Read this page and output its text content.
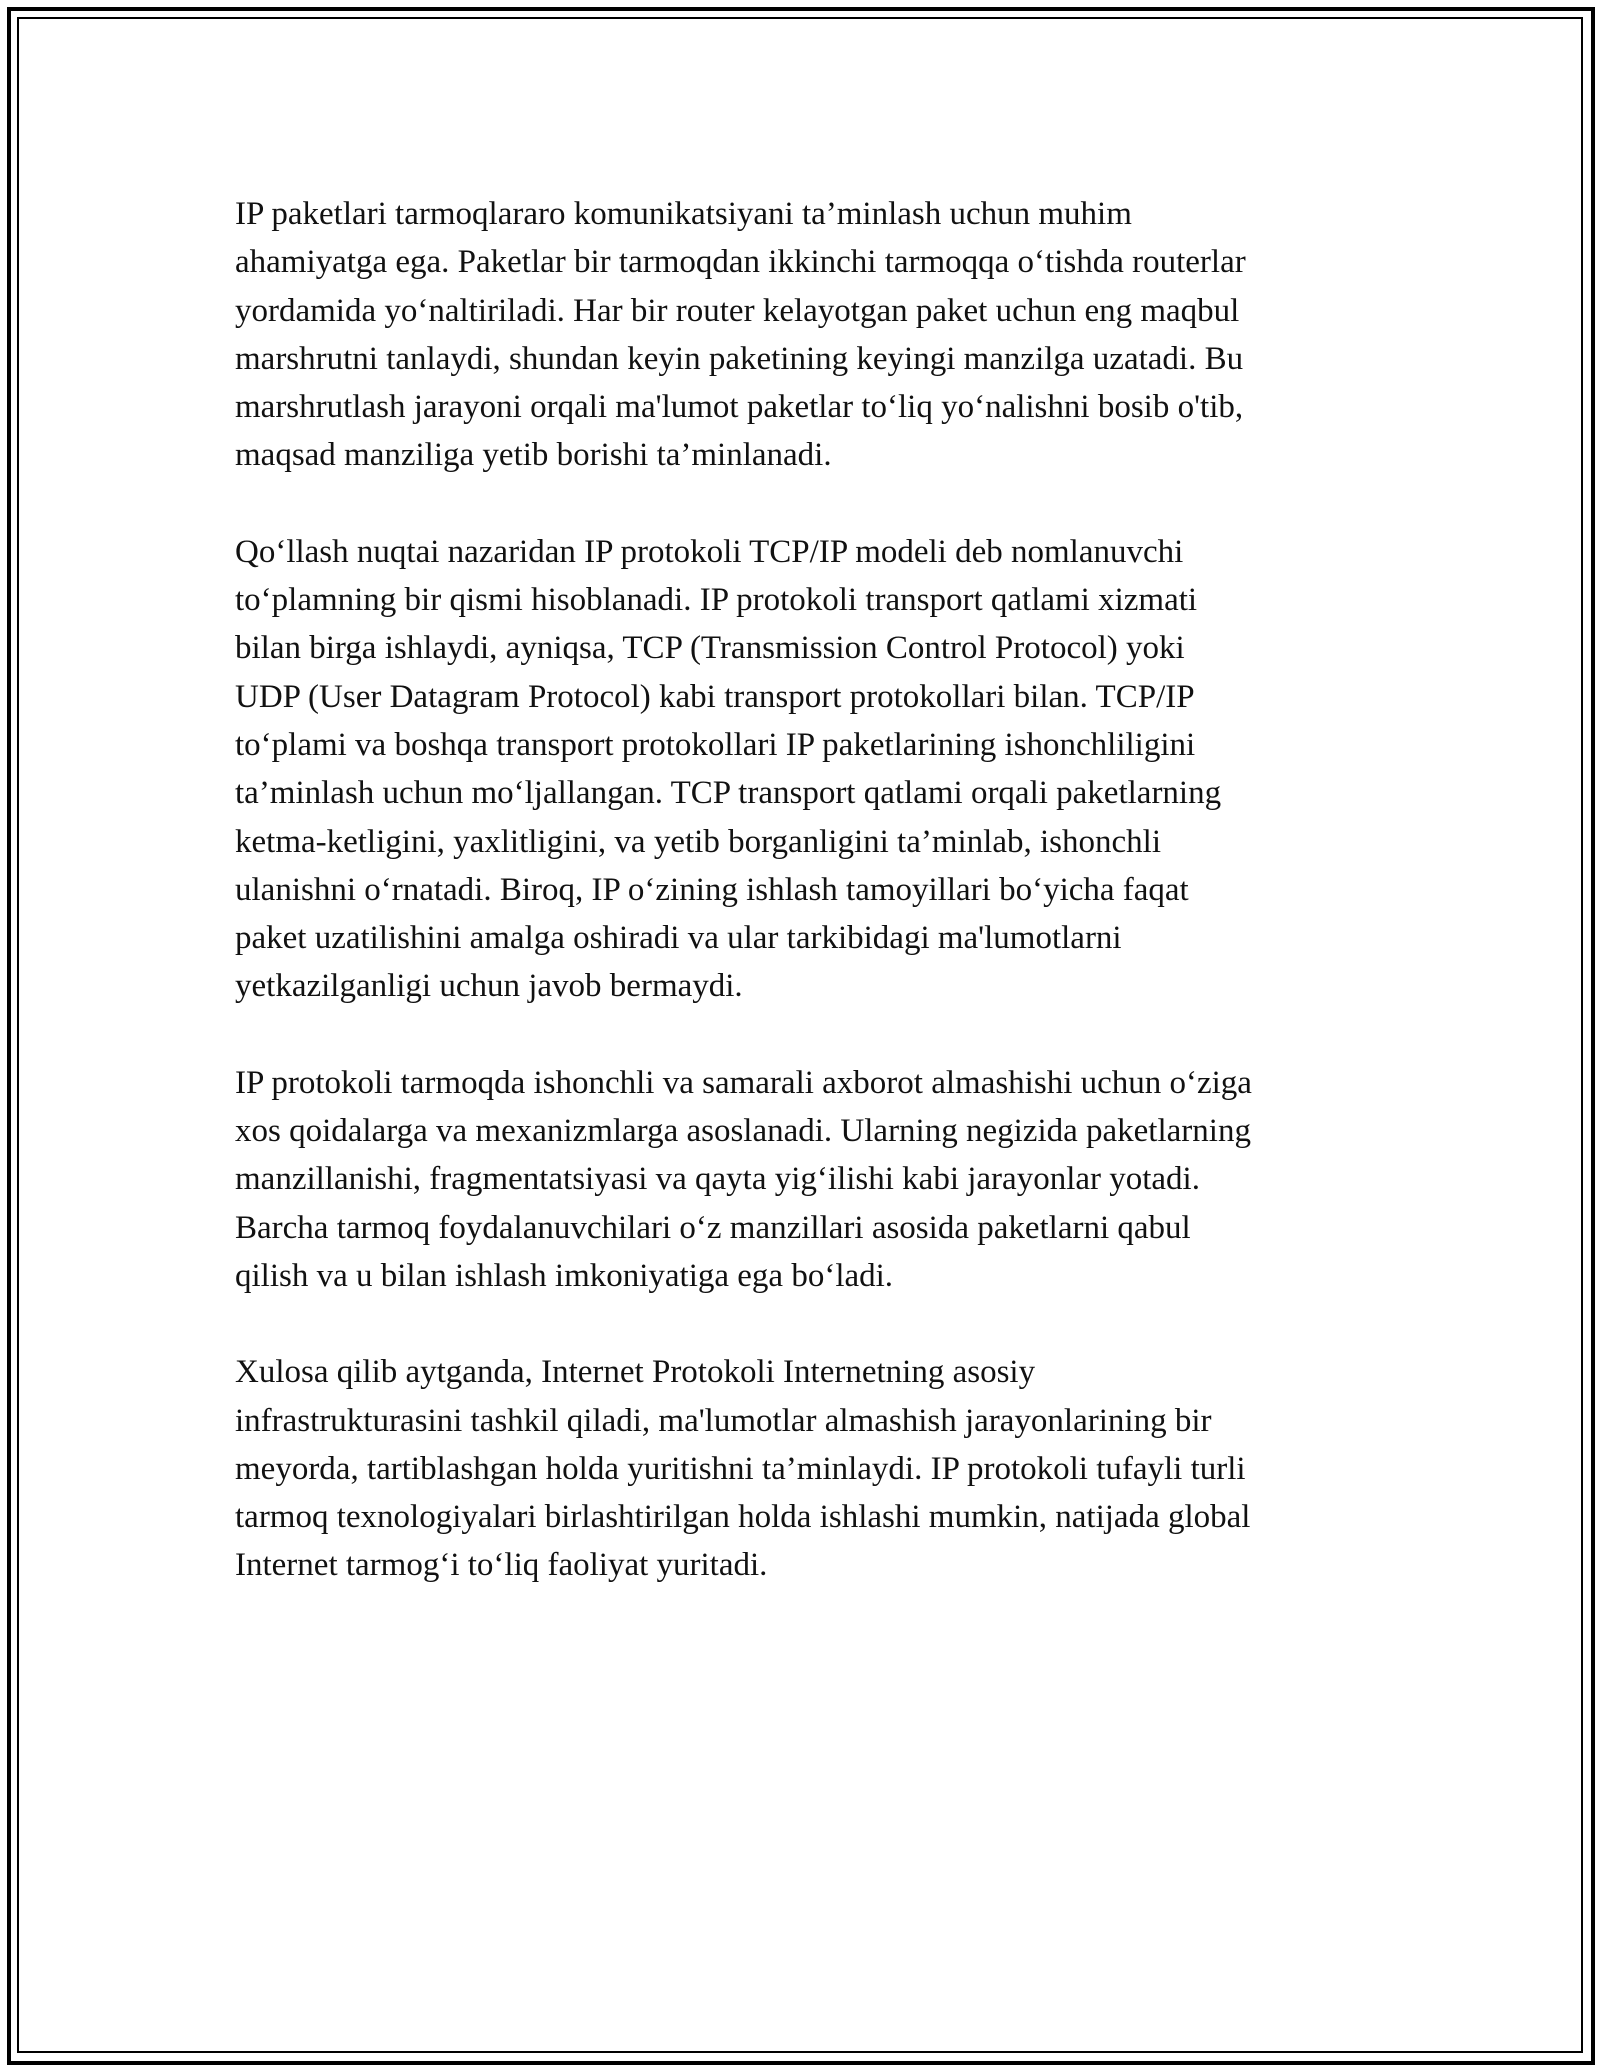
IP paketlari tarmoqlararo komunikatsiyani ta’minlash uchun muhim
ahamiyatga ega. Paketlar bir tarmoqdan ikkinchi tarmoqqa o‘tishda routerlar
yordamida yo‘naltiriladi. Har bir router kelayotgan paket uchun eng maqbul
marshrutni tanlaydi, shundan keyin paketining keyingi manzilga uzatadi. Bu
marshrutlash jarayoni orqali ma'lumot paketlar to‘liq yo‘nalishni bosib o'tib,
maqsad manziliga yetib borishi ta’minlanadi.

Qo‘llash nuqtai nazaridan IP protokoli TCP/IP modeli deb nomlanuvchi
to‘plamning bir qismi hisoblanadi. IP protokoli transport qatlami xizmati
bilan birga ishlaydi, ayniqsa, TCP (Transmission Control Protocol) yoki
UDP (User Datagram Protocol) kabi transport protokollari bilan. TCP/IP
to‘plami va boshqa transport protokollari IP paketlarining ishonchliligini
ta’minlash uchun mo‘ljallangan. TCP transport qatlami orqali paketlarning
ketma-ketligini, yaxlitligini, va yetib borganligini ta’minlab, ishonchli
ulanishni o‘rnatadi. Biroq, IP o‘zining ishlash tamoyillari bo‘yicha faqat
paket uzatilishini amalga oshiradi va ular tarkibidagi ma'lumotlarni
yetkazilganligi uchun javob bermaydi.

IP protokoli tarmoqda ishonchli va samarali axborot almashishi uchun o‘ziga
xos qoidalarga va mexanizmlarga asoslanadi. Ularning negizida paketlarning
manzillanishi, fragmentatsiyasi va qayta yig‘ilishi kabi jarayonlar yotadi.
Barcha tarmoq foydalanuvchilari o‘z manzillari asosida paketlarni qabul
qilish va u bilan ishlash imkoniyatiga ega bo‘ladi.

Xulosa qilib aytganda, Internet Protokoli Internetning asosiy
infrastrukturasini tashkil qiladi, ma'lumotlar almashish jarayonlarining bir
meyorda, tartiblashgan holda yuritishni ta’minlaydi. IP protokoli tufayli turli
tarmoq texnologiyalari birlashtirilgan holda ishlashi mumkin, natijada global
Internet tarmog‘i to‘liq faoliyat yuritadi.
